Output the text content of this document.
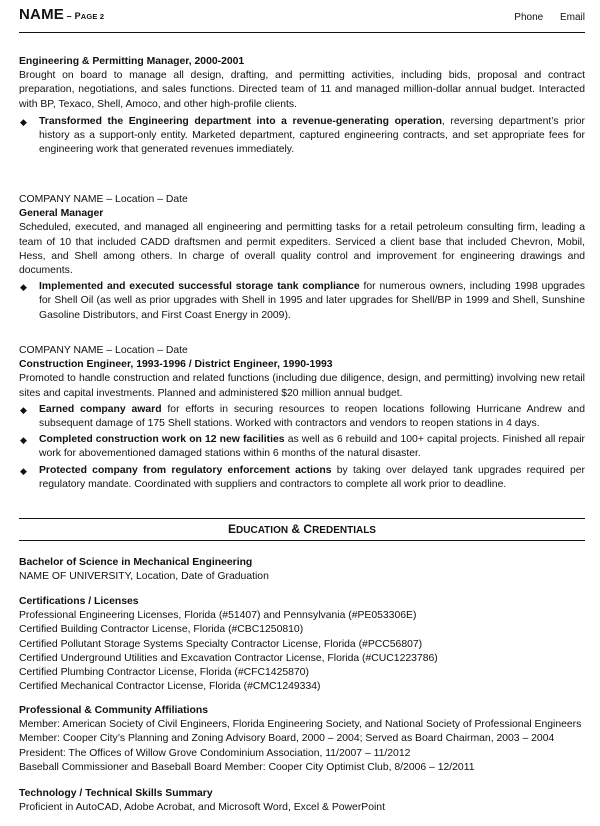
NAME – PAGE 2	Phone Email
Engineering & Permitting Manager, 2000-2001

Brought on board to manage all design, drafting, and permitting activities, including bids, proposal and contract preparation, negotiations, and sales functions. Directed team of 11 and managed million-dollar annual budget. Interacted with BP, Texaco, Shell, Amoco, and other high-profile clients.

◆ Transformed the Engineering department into a revenue-generating operation, reversing department’s prior history as a support-only entity. Marketed department, captured engineering contracts, and set appropriate fees for engineering work that generated revenues immediately.
COMPANY NAME – Location – Date
General Manager

Scheduled, executed, and managed all engineering and permitting tasks for a retail petroleum consulting firm, leading a team of 10 that included CADD draftsmen and permit expediters. Serviced a client base that included Chevron, Mobil, Hess, and Shell among others. In charge of overall quality control and improvement for engineering drawings and documents.

◆ Implemented and executed successful storage tank compliance for numerous owners, including 1998 upgrades for Shell Oil (as well as prior upgrades with Shell in 1995 and later upgrades for Shell/BP in 1999 and Shell, Sunshine Gasoline Distributors, and First Coast Energy in 2009).
COMPANY NAME – Location – Date
Construction Engineer, 1993-1996 / District Engineer, 1990-1993

Promoted to handle construction and related functions (including due diligence, design, and permitting) involving new retail sites and capital investments. Planned and administered $20 million annual budget.

◆ Earned company award for efforts in securing resources to reopen locations following Hurricane Andrew and subsequent damage of 175 Shell stations. Worked with contractors and vendors to reopen stations in 4 days.
◆ Completed construction work on 12 new facilities as well as 6 rebuild and 100+ capital projects. Finished all repair work for abovementioned damaged stations within 6 months of the natural disaster.
◆ Protected company from regulatory enforcement actions by taking over delayed tank upgrades required per regulatory mandate. Coordinated with suppliers and contractors to complete all work prior to deadline.
EDUCATION & CREDENTIALS
Bachelor of Science in Mechanical Engineering
NAME OF UNIVERSITY, Location, Date of Graduation
Certifications / Licenses
Professional Engineering Licenses, Florida (#51407) and Pennsylvania (#PE053306E)
Certified Building Contractor License, Florida (#CBC1250810)
Certified Pollutant Storage Systems Specialty Contractor License, Florida (#PCC56807)
Certified Underground Utilities and Excavation Contractor License, Florida (#CUC1223786)
Certified Plumbing Contractor License, Florida (#CFC1425870)
Certified Mechanical Contractor License, Florida (#CMC1249334)
Professional & Community Affiliations
Member: American Society of Civil Engineers, Florida Engineering Society, and National Society of Professional Engineers
Member: Cooper City’s Planning and Zoning Advisory Board, 2000 – 2004; Served as Board Chairman, 2003 – 2004
President: The Offices of Willow Grove Condominium Association, 11/2007 – 11/2012
Baseball Commissioner and Baseball Board Member: Cooper City Optimist Club, 8/2006 – 12/2011
Technology / Technical Skills Summary
Proficient in AutoCAD, Adobe Acrobat, and Microsoft Word, Excel & PowerPoint
